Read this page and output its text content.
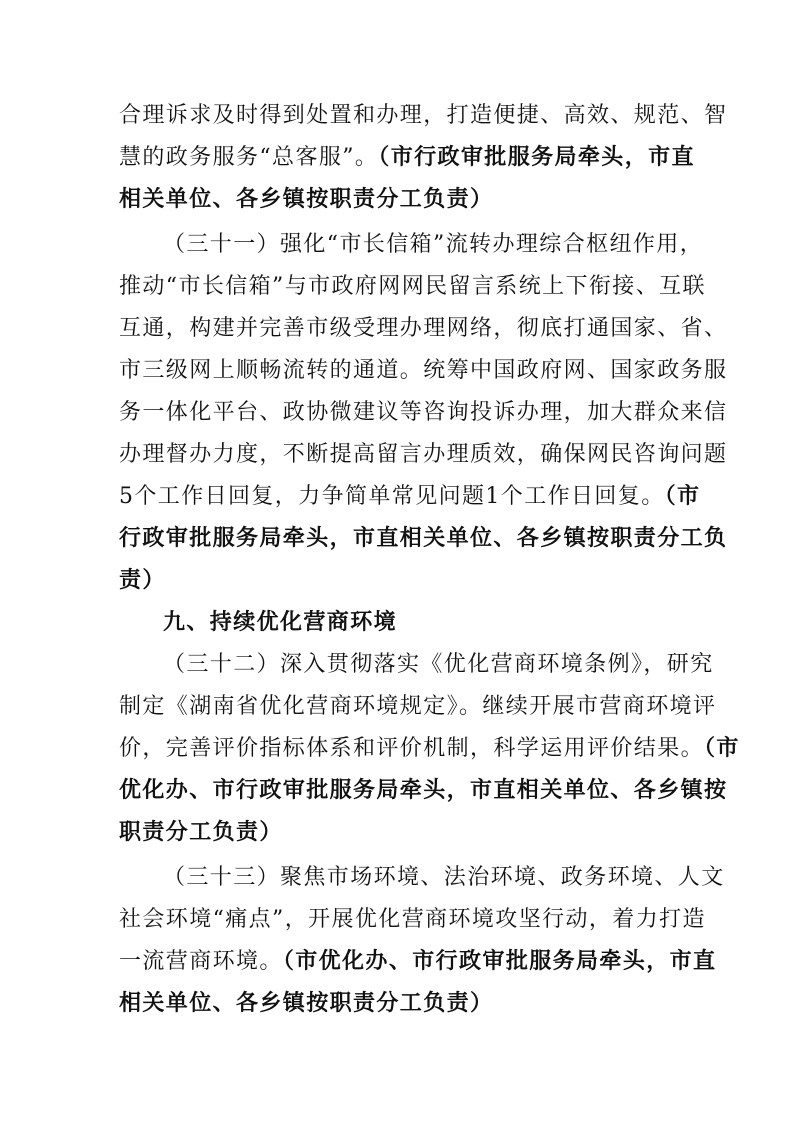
合理诉求及时得到处置和办理，打造便捷、高效、规范、智
慧的政务服务“总客服”。（市行政审批服务局牵头，市直
相关单位、各乡镇按职责分工负责）
（三十一）强化“市长信箱”流转办理综合枢纽作用，
推动“市长信箱”与市政府网网民留言系统上下衔接、互联
互通，构建并完善市级受理办理网络，彻底打通国家、省、
市三级网上顺畅流转的通道。统筹中国政府网、国家政务服
务一体化平台、政协微建议等咨询投诉办理，加大群众来信
办理督办力度，不断提高留言办理质效，确保网民咨询问题
5个工作日回复，力争简单常见问题1个工作日回复。（市
行政审批服务局牵头，市直相关单位、各乡镇按职责分工负
责）
九、持续优化营商环境
（三十二）深入贯彻落实《优化营商环境条例》，研究
制定《湖南省优化营商环境规定》。继续开展市营商环境评
价，完善评价指标体系和评价机制，科学运用评价结果。（市
优化办、市行政审批服务局牵头，市直相关单位、各乡镇按
职责分工负责）
（三十三）聚焦市场环境、法治环境、政务环境、人文
社会环境“痛点”，开展优化营商环境攻坚行动，着力打造
一流营商环境。（市优化办、市行政审批服务局牵头，市直
相关单位、各乡镇按职责分工负责）
